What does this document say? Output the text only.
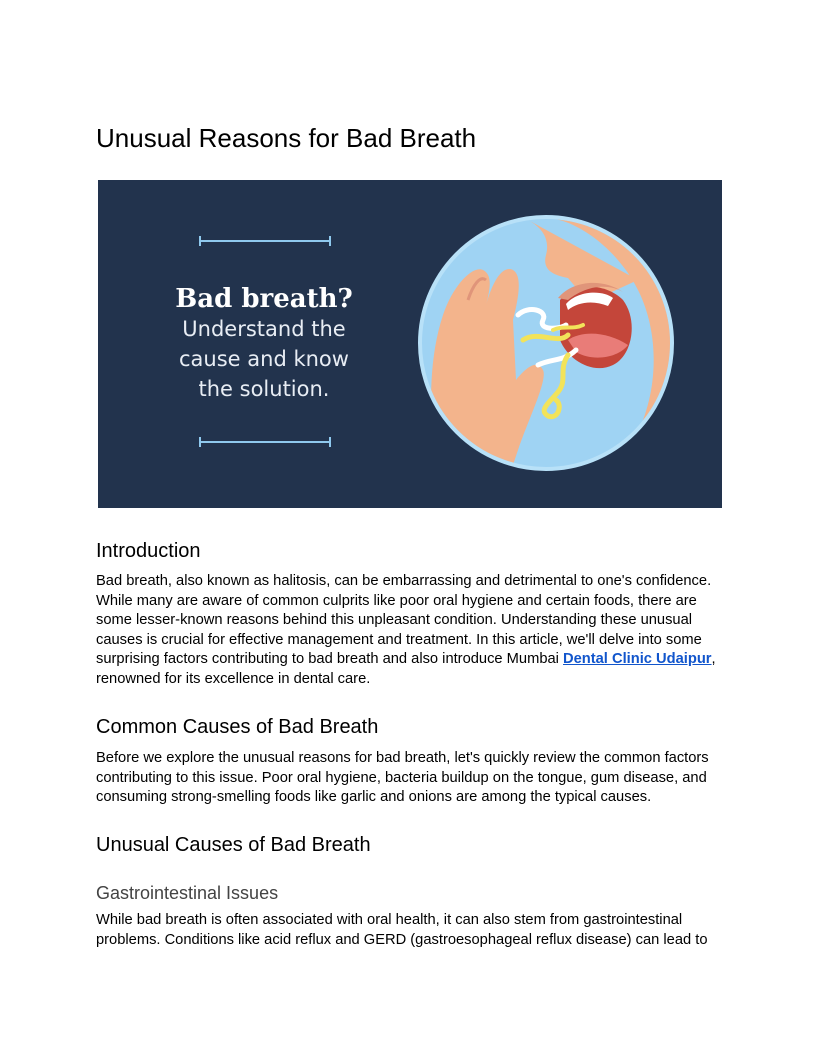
Unusual Reasons for Bad Breath
Bad breath?
Understand the
cause and know
the solution.
Introduction

Bad breath, also known as halitosis, can be embarrassing and detrimental to one's confidence. While many are aware of common culprits like poor oral hygiene and certain foods, there are some lesser-known reasons behind this unpleasant condition. Understanding these unusual causes is crucial for effective management and treatment. In this article, we'll delve into some surprising factors contributing to bad breath and also introduce Mumbai Dental Clinic Udaipur, renowned for its excellence in dental care.

Common Causes of Bad Breath

Before we explore the unusual reasons for bad breath, let's quickly review the common factors contributing to this issue. Poor oral hygiene, bacteria buildup on the tongue, gum disease, and consuming strong-smelling foods like garlic and onions are among the typical causes.

Unusual Causes of Bad Breath
Gastrointestinal Issues

While bad breath is often associated with oral health, it can also stem from gastrointestinal problems. Conditions like acid reflux and GERD (gastroesophageal reflux disease) can lead to
